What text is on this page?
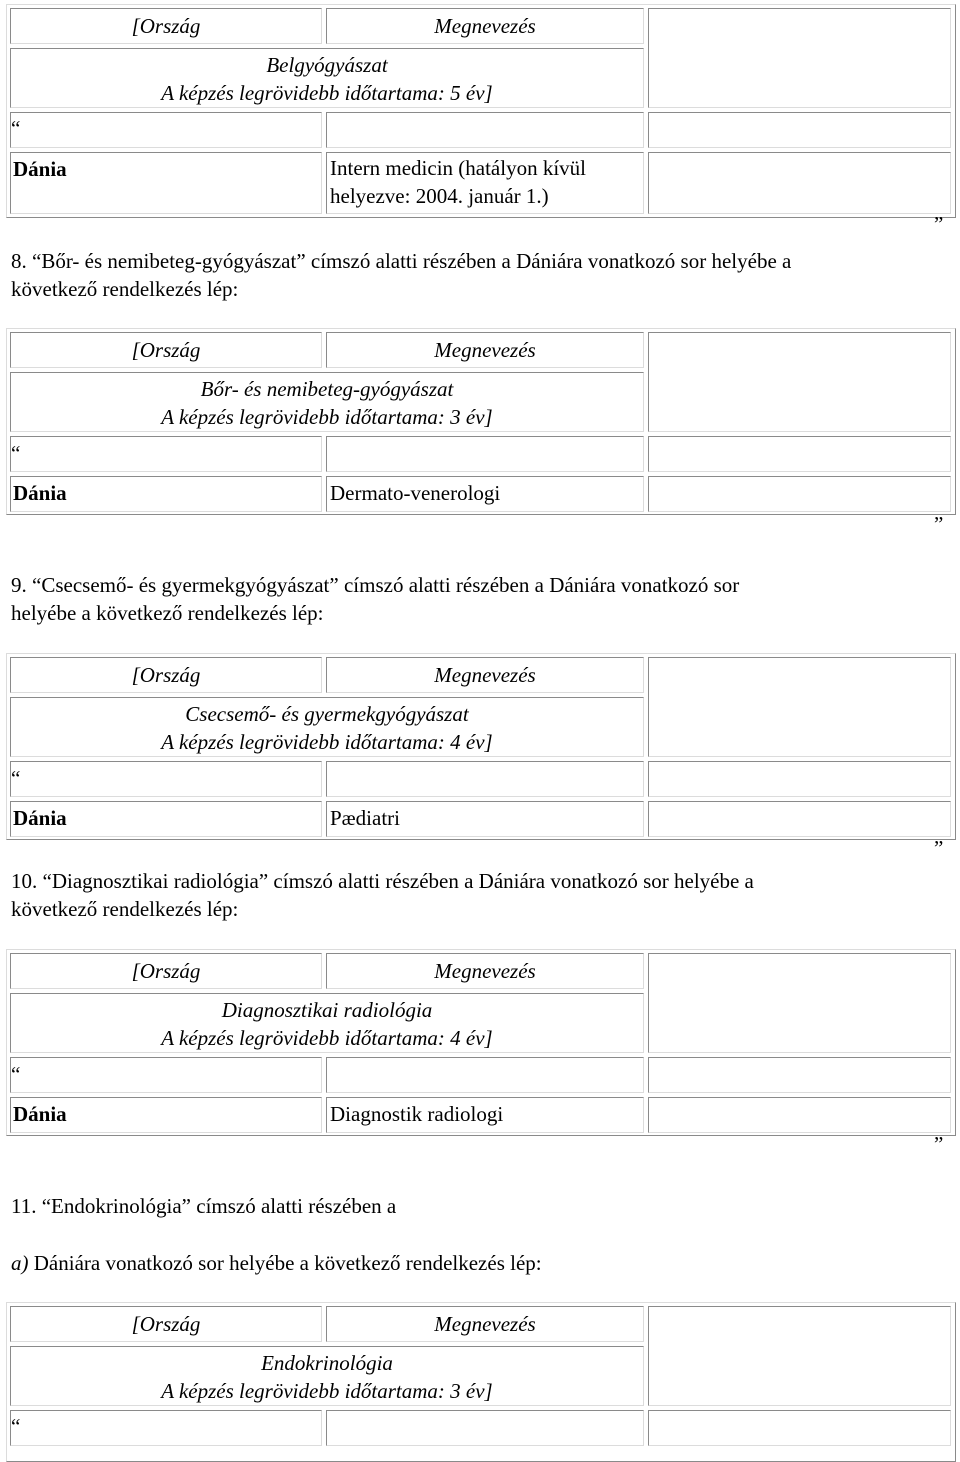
[Ország	Megnevezés
Belgyógyászat
A képzés legrövidebb időtartama: 5 év]
“
Dánia	Intern medicin (hatályon kívül
helyezve: 2004. január 1.)
”

8. “Bőr- és nemibeteg-gyógyászat” címszó alatti részében a Dániára vonatkozó sor helyébe a
következő rendelkezés lép:

[Ország	Megnevezés
Bőr- és nemibeteg-gyógyászat
A képzés legrövidebb időtartama: 3 év]
“
Dánia	Dermato-venerologi
”

9. “Csecsemő- és gyermekgyógyászat” címszó alatti részében a Dániára vonatkozó sor
helyébe a következő rendelkezés lép:

[Ország	Megnevezés
Csecsemő- és gyermekgyógyászat
A képzés legrövidebb időtartama: 4 év]
“
Dánia	Pædiatri
”

10. “Diagnosztikai radiológia” címszó alatti részében a Dániára vonatkozó sor helyébe a
következő rendelkezés lép:

[Ország	Megnevezés
Diagnosztikai radiológia
A képzés legrövidebb időtartama: 4 év]
“
Dánia	Diagnostik radiologi
”

11. “Endokrinológia” címszó alatti részében a

a) Dániára vonatkozó sor helyébe a következő rendelkezés lép:

[Ország	Megnevezés
Endokrinológia
A képzés legrövidebb időtartama: 3 év]
“
